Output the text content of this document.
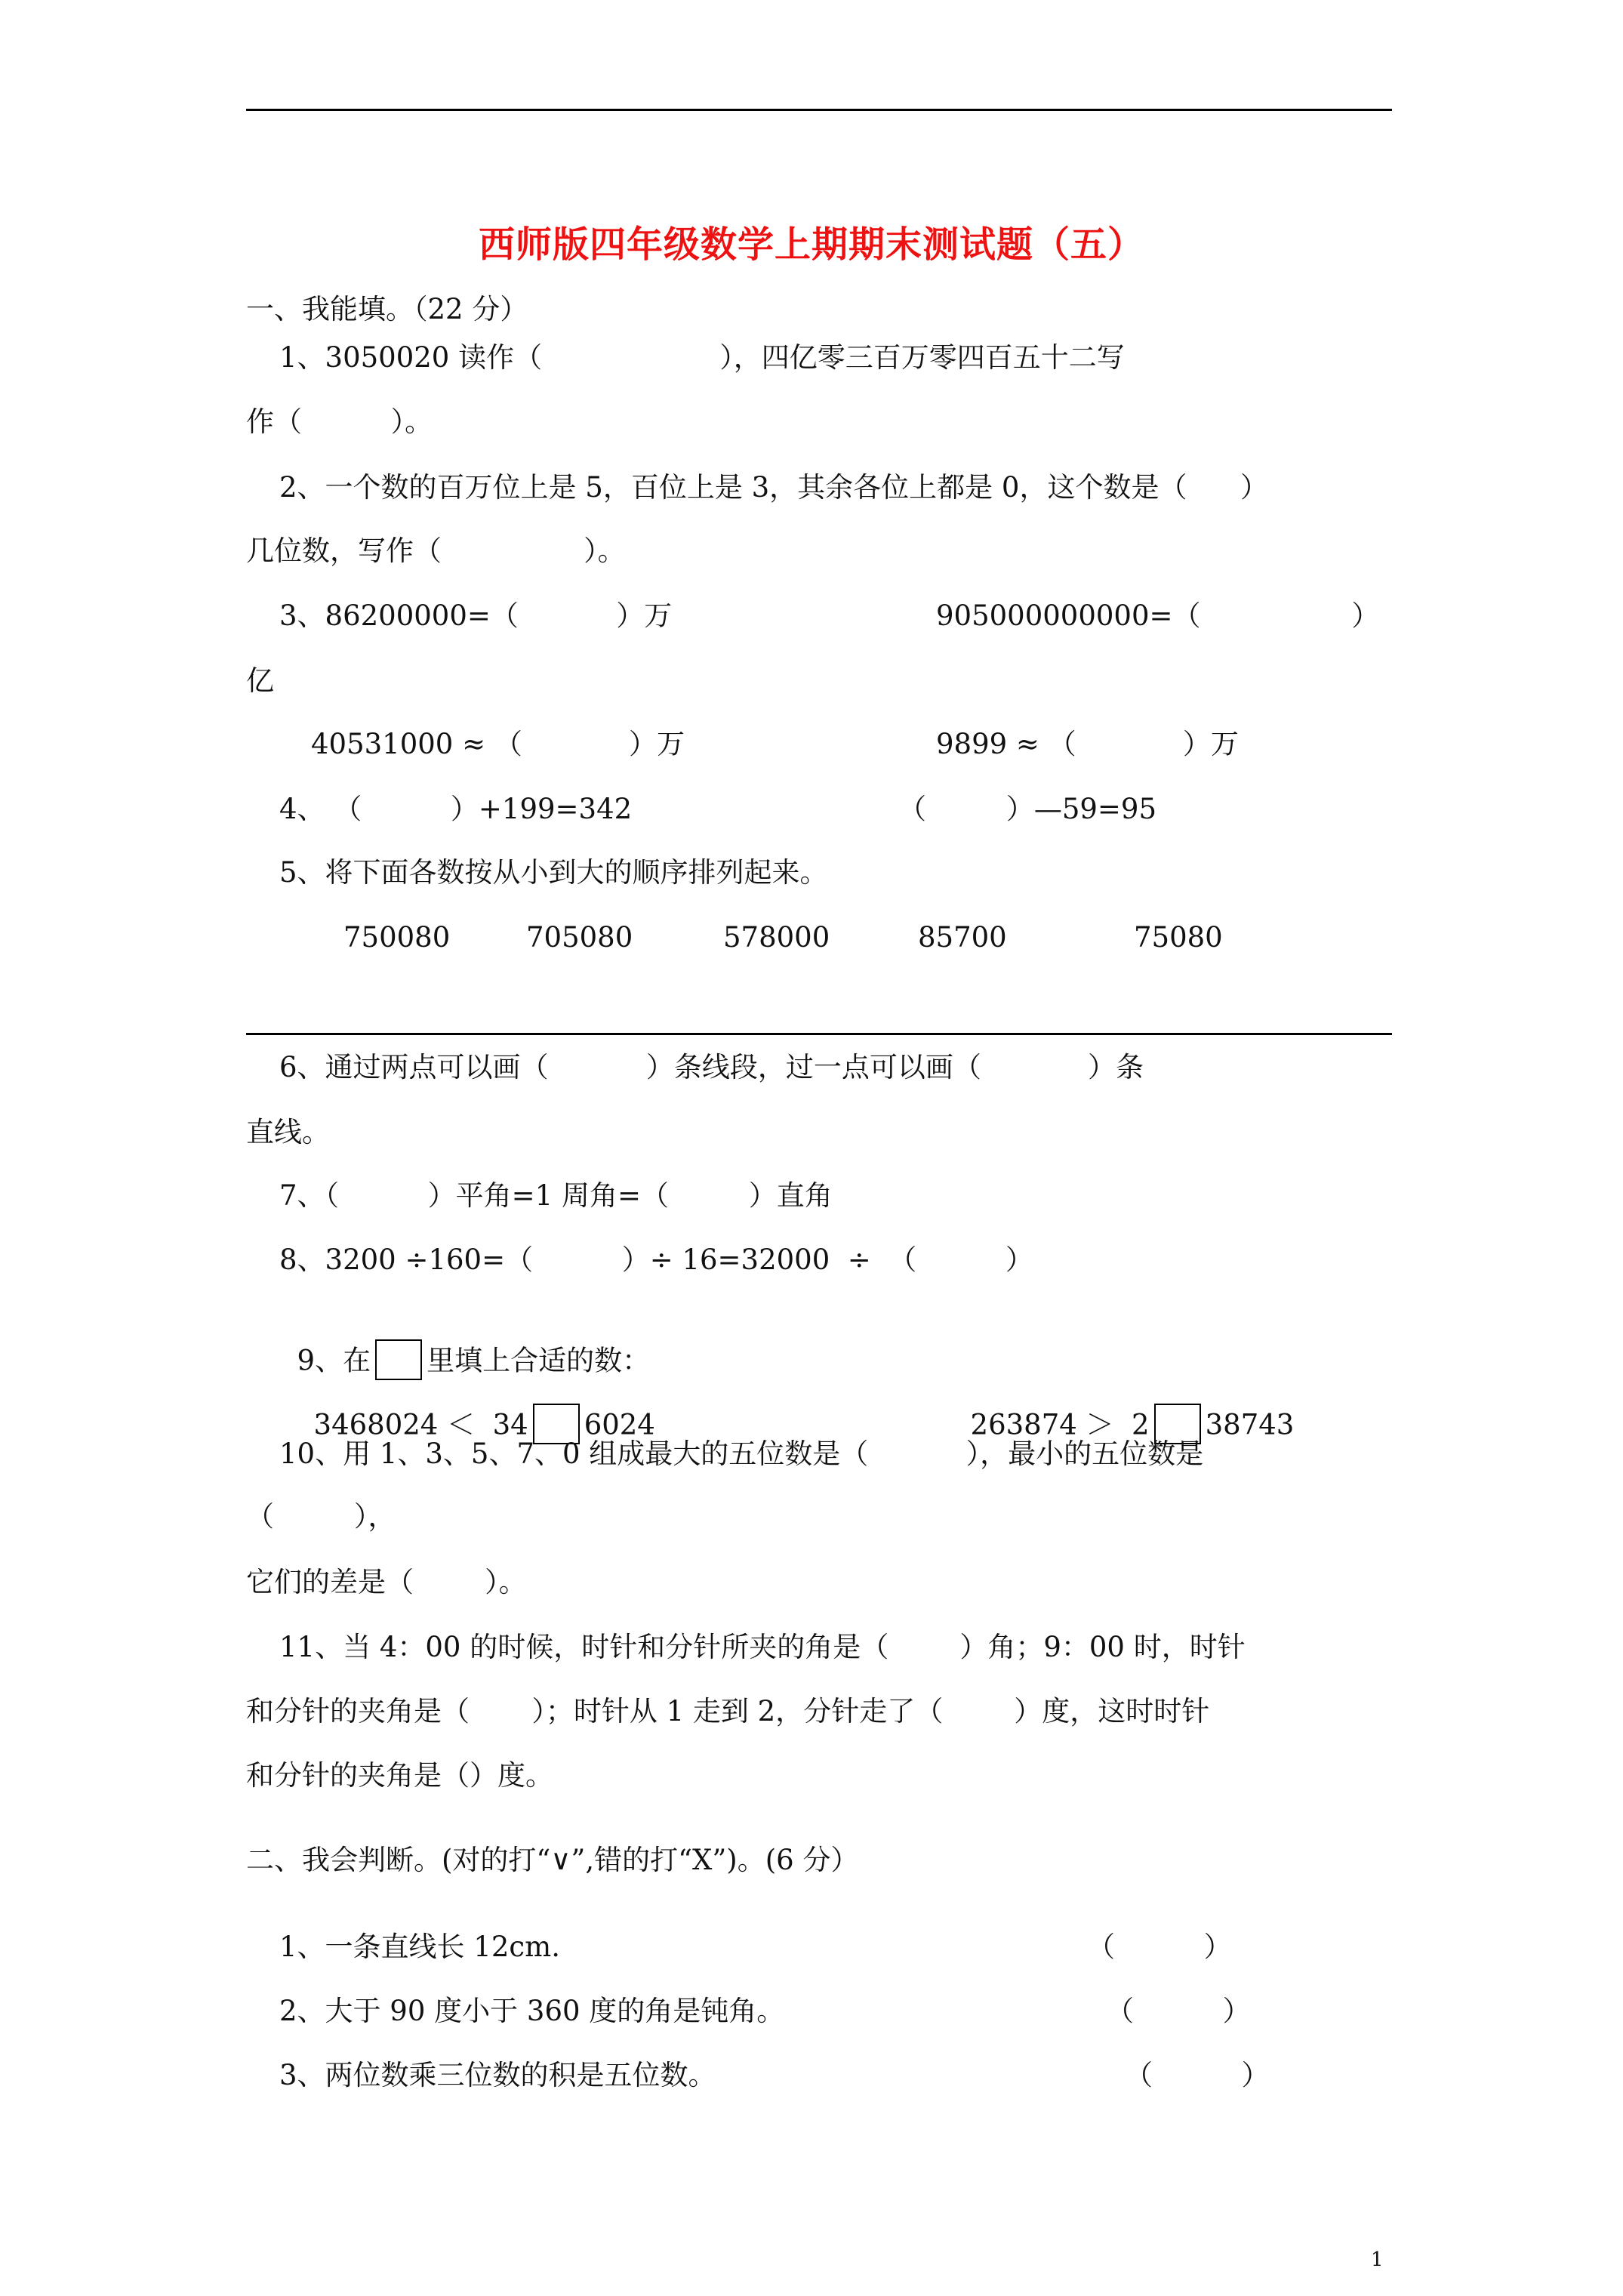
西师版四年级数学上期期末测试题（五）
一、我能填。（22 分）
1、3050020 读作（                    ），四亿零三百万零四百五十二写
作（          ）。
2、一个数的百万位上是 5，百位上是 3，其余各位上都是 0，这个数是（      ）
几位数，写作（                ）。
3、86200000=（           ）万	905000000000=（                 ）
亿
40531000 ≈ （            ）万	9899 ≈ （            ）万
4、 （          ）+199=342	（         ）—59=95
5、将下面各数按从小到大的顺序排列起来。
750080	705080	578000	85700	75080
6、通过两点可以画（           ）条线段，过一点可以画（            ）条
直线。
7、（          ）平角=1 周角=（         ）直角
8、3200 ÷160=（          ）÷ 16=32000  ÷  （          ）

9、在 里填上合适的数：

3468024 ＜  34 6024	263874 ＞  2 38743

10、用 1、3、5、7、0 组成最大的五位数是（           ），最小的五位数是
（         ），
它们的差是（        ）。
11、当 4：00 的时候，时针和分针所夹的角是（        ）角；9：00 时，时针
和分针的夹角是（       ）；时针从 1 走到 2，分针走了（        ）度，这时时针
和分针的夹角是（）度。
二、我会判断。(对的打“∨”,错的打“X”)。(6 分）
1、一条直线长 12cm.	（          ）
2、大于 90 度小于 360 度的角是钝角。	（          ）
3、两位数乘三位数的积是五位数。	（          ）
1
